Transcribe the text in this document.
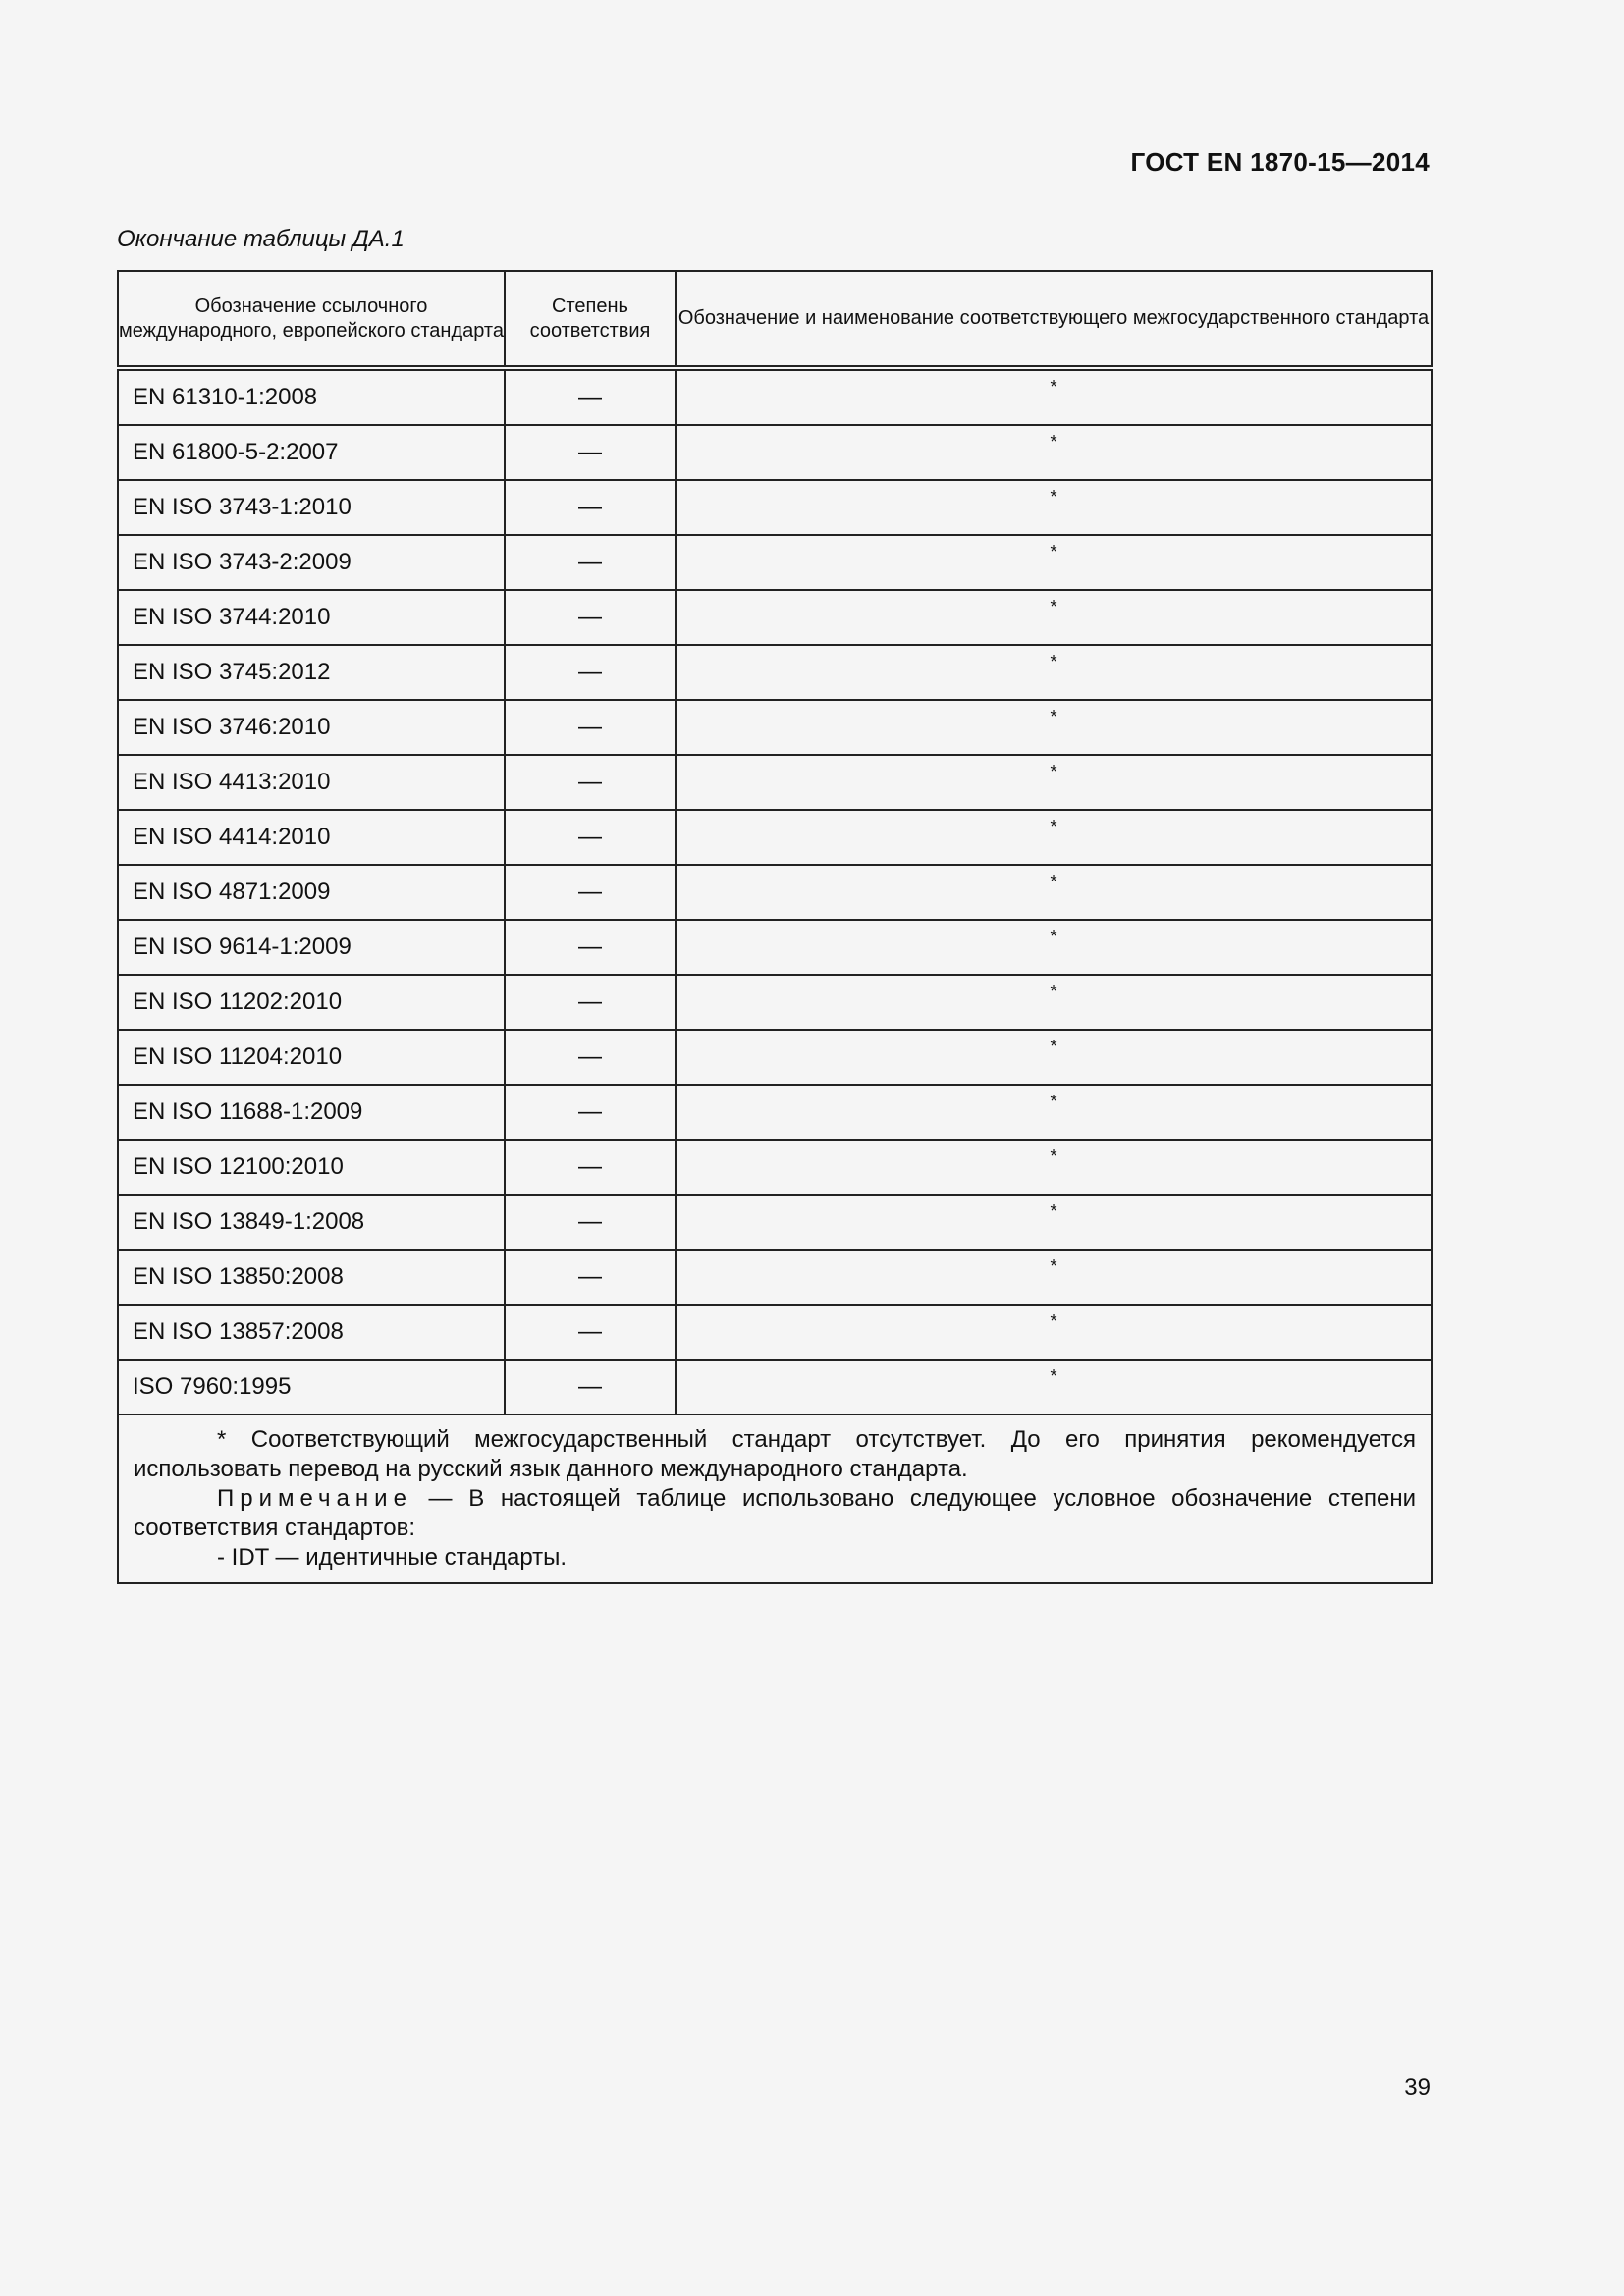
ГОСТ EN 1870-15—2014
Окончание таблицы ДА.1
Обозначение ссылочного международного, европейского стандарта	Степень соответствия	Обозначение и наименование соответствующего межгосударственного стандарта
EN 61310-1:2008	—	*
EN 61800-5-2:2007	—	*
EN ISO 3743-1:2010	—	*
EN ISO 3743-2:2009	—	*
EN ISO 3744:2010	—	*
EN ISO 3745:2012	—	*
EN ISO 3746:2010	—	*
EN ISO 4413:2010	—	*
EN ISO 4414:2010	—	*
EN ISO 4871:2009	—	*
EN ISO 9614-1:2009	—	*
EN ISO 11202:2010	—	*
EN ISO 11204:2010	—	*
EN ISO 11688-1:2009	—	*
EN ISO 12100:2010	—	*
EN ISO 13849-1:2008	—	*
EN ISO 13850:2008	—	*
EN ISO 13857:2008	—	*
ISO 7960:1995	—	*

* Соответствующий межгосударственный стандарт отсутствует. До его принятия рекомендуется использовать перевод на русский язык данного международного стандарта.

Примечание — В настоящей таблице использовано следующее условное обозначение степени соответствия стандартов:

- IDT — идентичные стандарты.		

39
